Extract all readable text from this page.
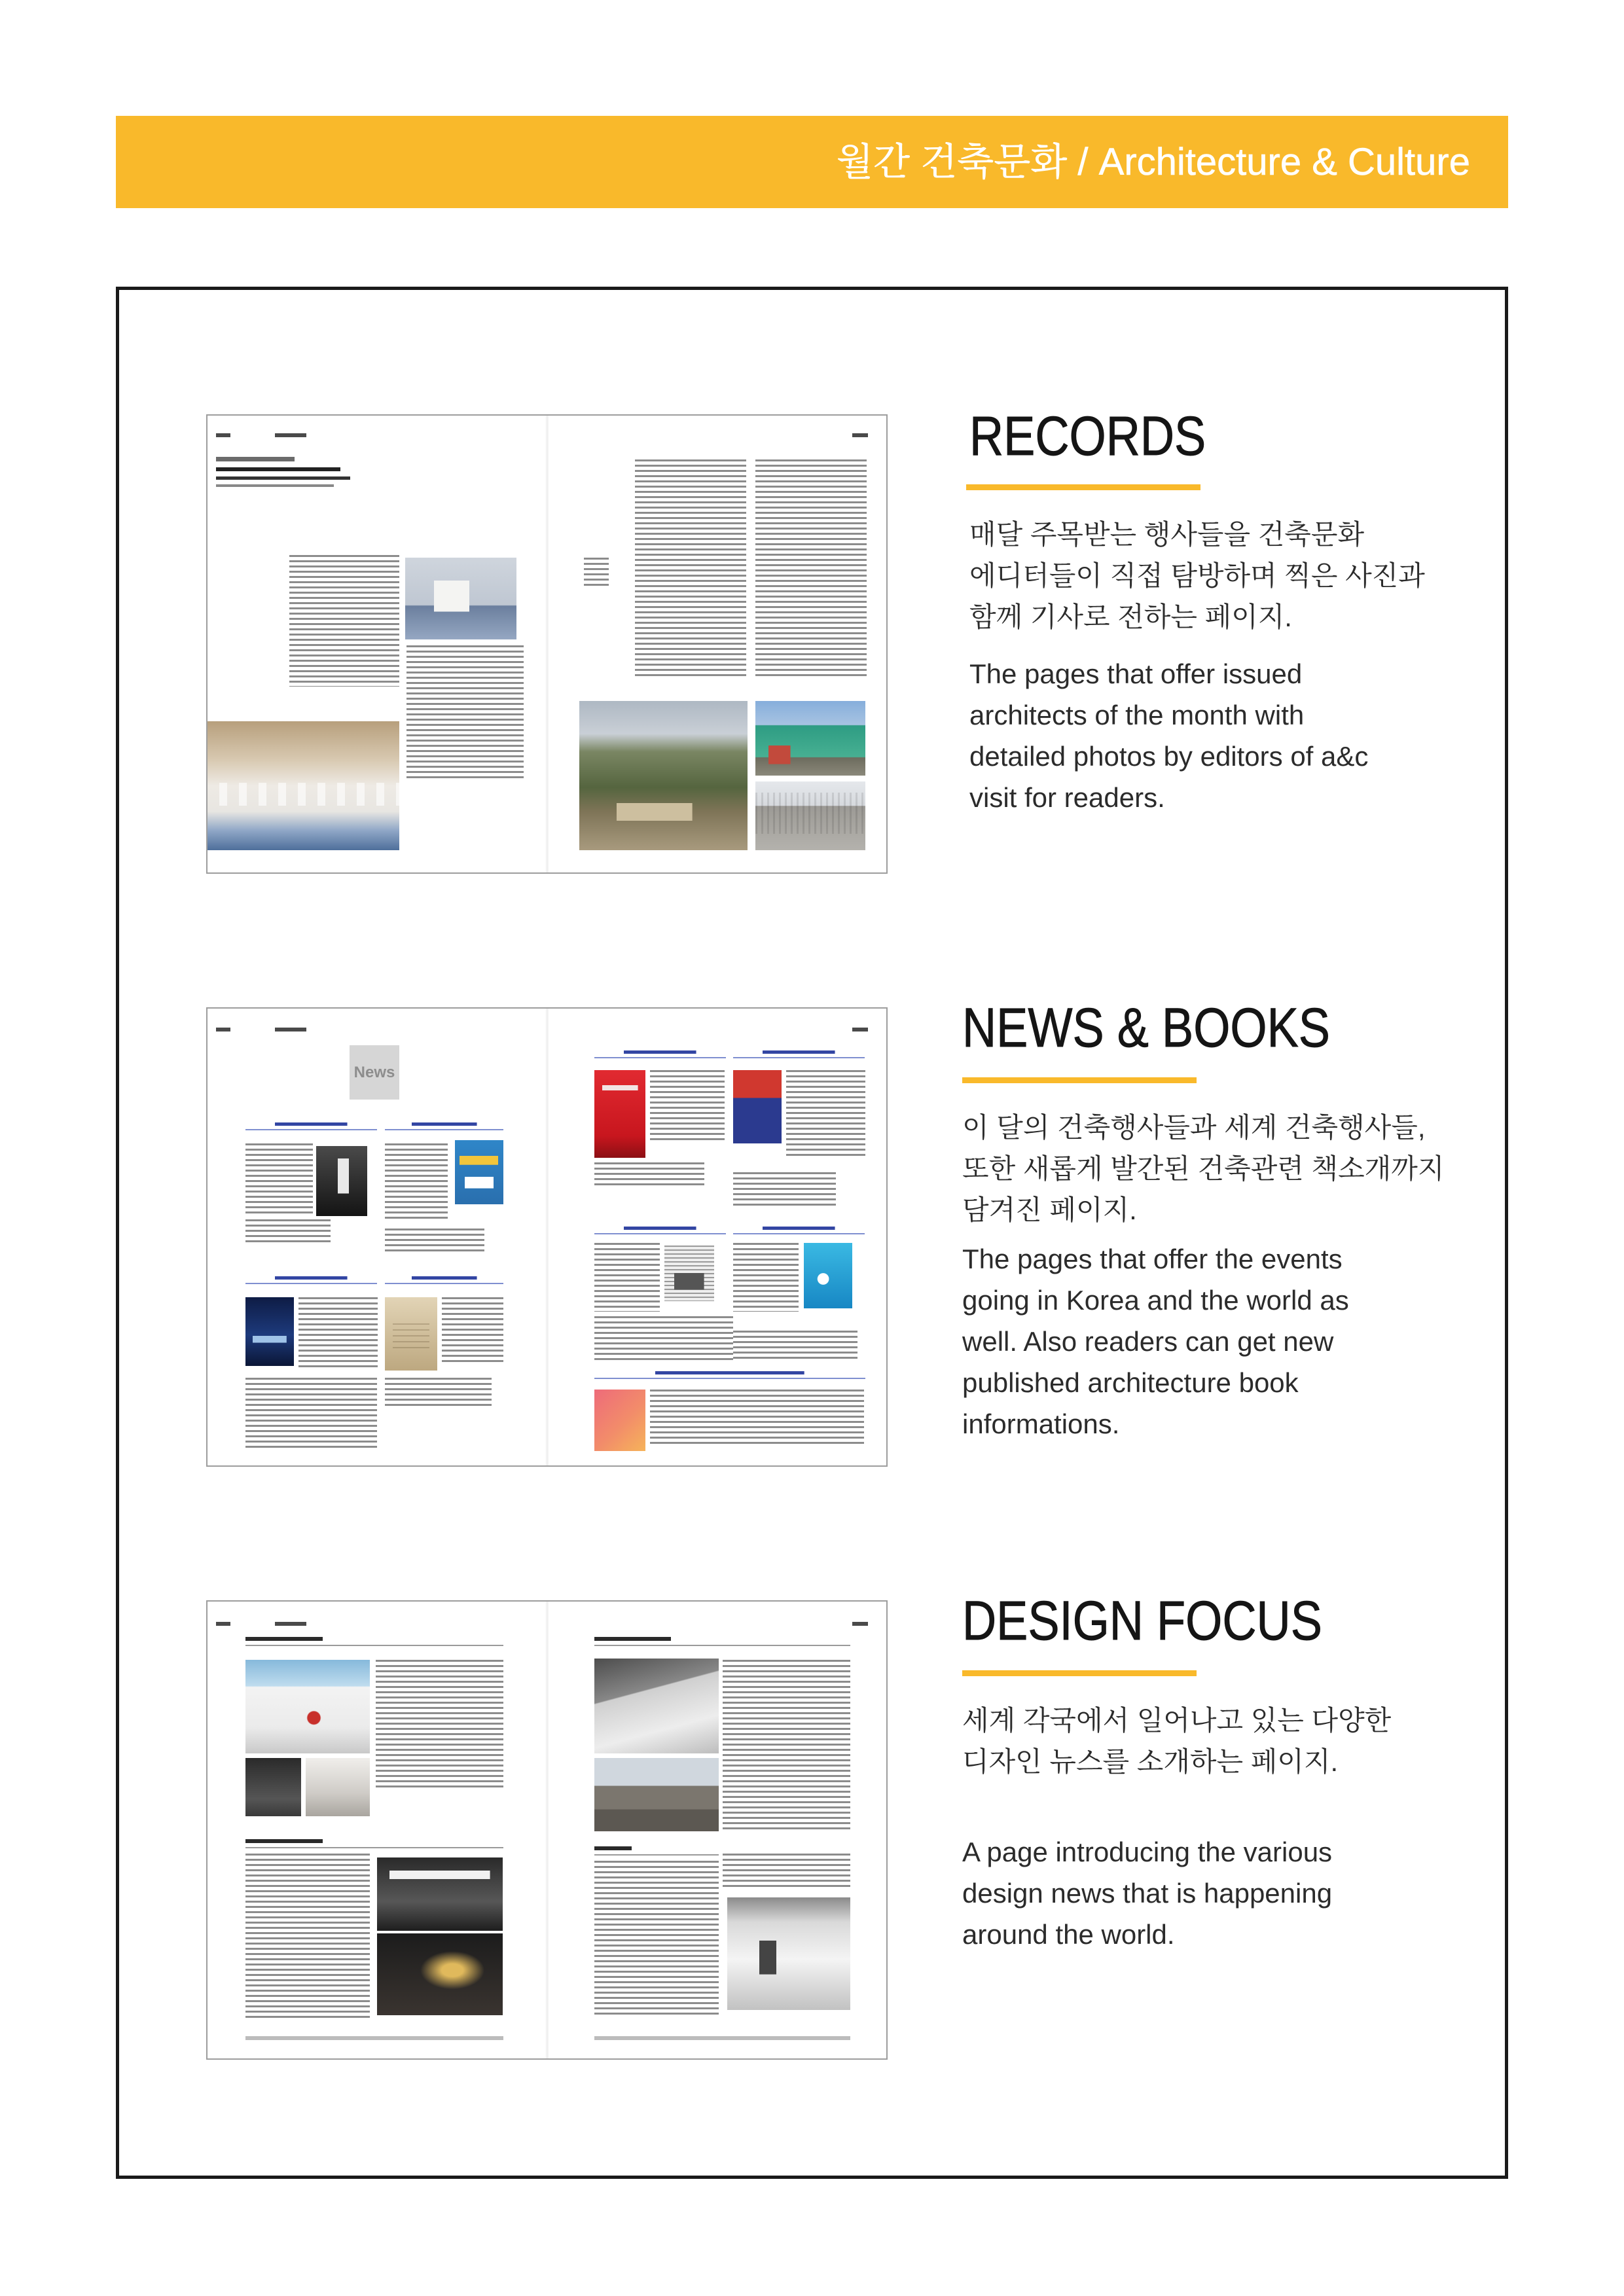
월간 건축문화 / Architecture & Culture
RECORDS
매달 주목받는 행사들을 건축문화
에디터들이 직접 탐방하며 찍은 사진과
함께 기사로 전하는 페이지.
The pages that offer issued
architects of the month with
detailed photos by editors of a&c
visit for readers.
News
NEWS & BOOKS
이 달의 건축행사들과 세계 건축행사들,
또한 새롭게 발간된 건축관련 책소개까지
담겨진 페이지.
The pages that offer the events
going in Korea and the world as
well. Also readers can get new
published architecture book
informations.
DESIGN FOCUS
세계 각국에서 일어나고 있는 다양한
디자인 뉴스를 소개하는 페이지.
A page introducing the various
design news that is happening
around the world.
